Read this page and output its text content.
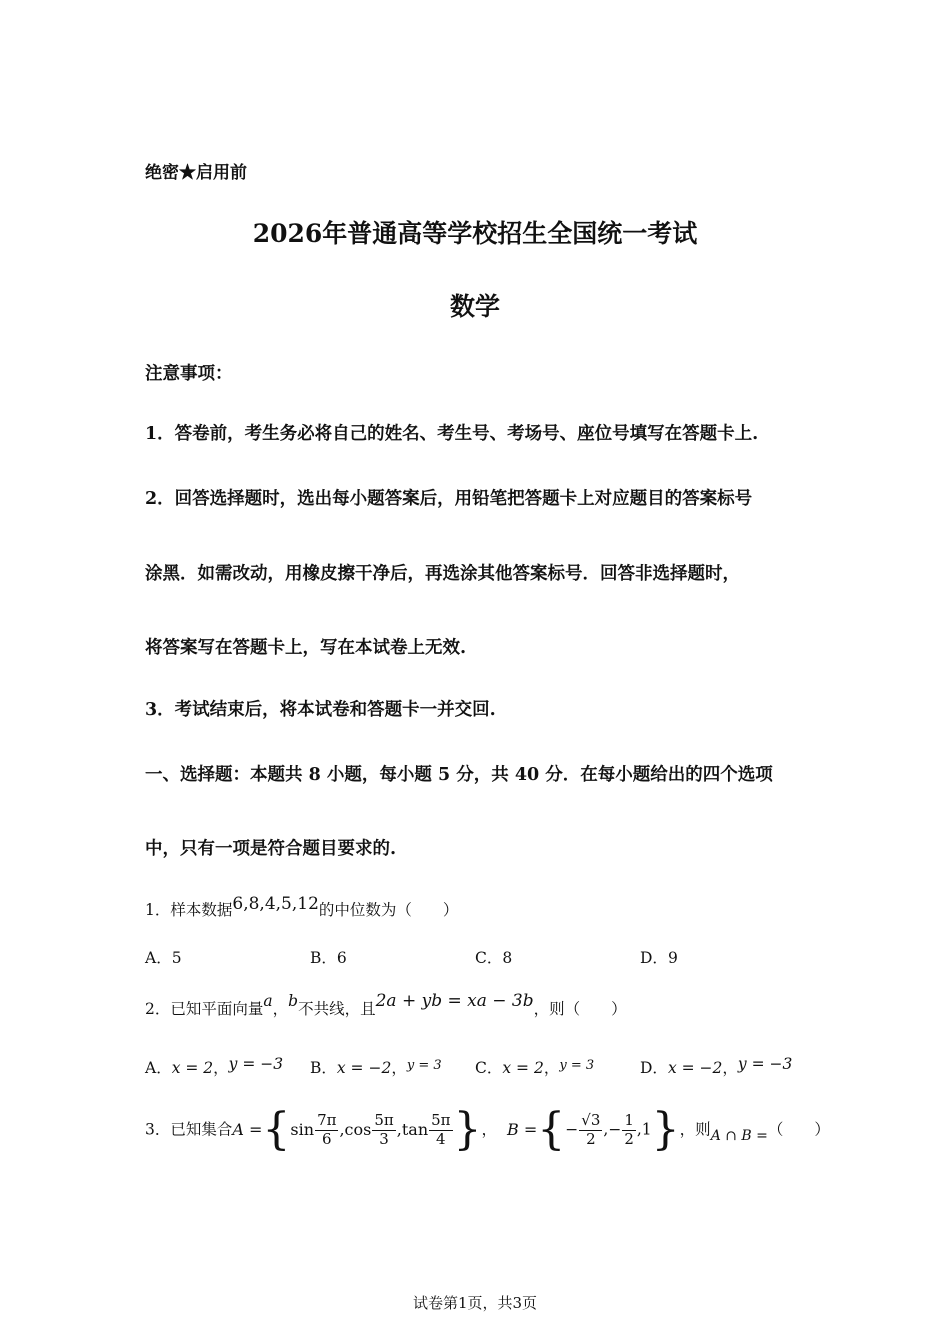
绝密★启用前
2026年普通高等学校招生全国统一考试
数学
注意事项：
1．答卷前，考生务必将自己的姓名、考生号、考场号、座位号填写在答题卡上.
2．回答选择题时，选出每小题答案后，用铅笔把答题卡上对应题目的答案标号
涂黑．如需改动，用橡皮擦干净后，再选涂其他答案标号．回答非选择题时，
将答案写在答题卡上，写在本试卷上无效.
3．考试结束后，将本试卷和答题卡一并交回.
一、选择题：本题共 8 小题，每小题 5 分，共 40 分．在每小题给出的四个选项
中，只有一项是符合题目要求的.
1．样本数据6,8,4,5,12的中位数为（　　）
A．5	B．6	C．8	D．9
2．已知平面向量a，b不共线，且2a + yb = xa − 3b，则（　　）
A．x = 2，y = −3 B．x = −2，$^{y = 3}$ C．x = 2，$^{y = 3}$	D．x = −2，y = −3
3．已知集合$A =\{\sin \frac{7\pi}{6} ,\cos \frac{5\pi}{3} ,\tan \frac{5\pi}{4}$ }， B ={− $\frac{√3}{2}$ ,− $\frac{1}{2} ,1$}，则A ∩ B =（　　）
试卷第1页，共3页
